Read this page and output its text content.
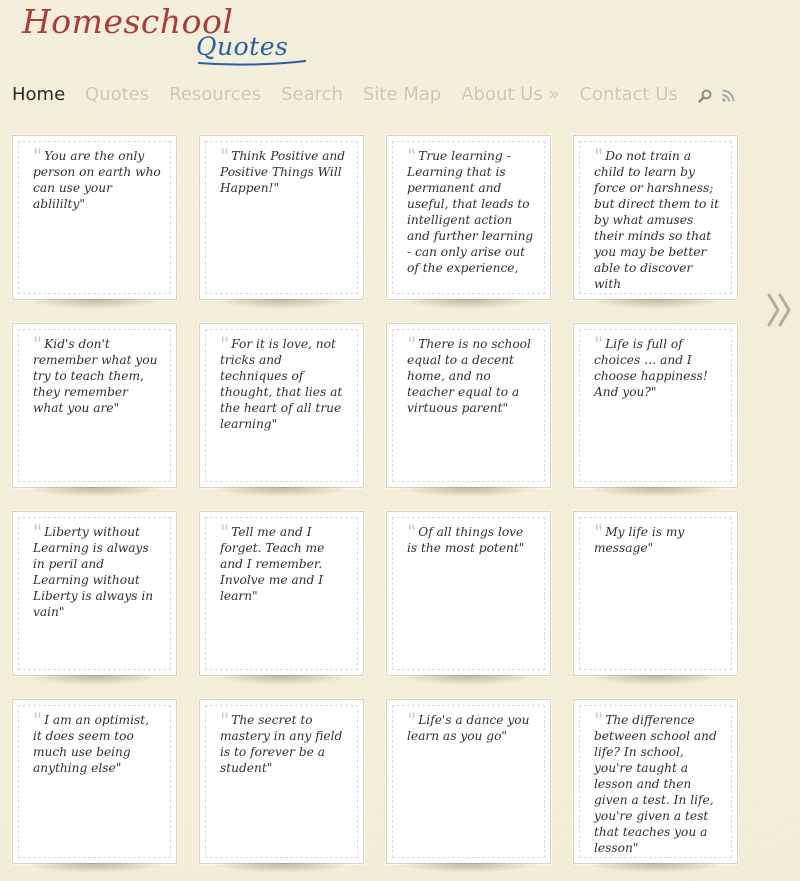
Homeschool
Quotes
Home Quotes Resources Search Site Map About Us » Contact Us
" You are the only person on earth who can use your ablililty"
" Think Positive and Positive Things Will Happen!"
" True learning - Learning that is permanent and useful, that leads to intelligent action and further learning - can only arise out of the experience,
" Do not train a child to learn by force or harshness; but direct them to it by what amuses their minds so that you may be better able to discover with
" Kid's don't remember what you try to teach them, they remember what you are"
" For it is love, not tricks and techniques of thought, that lies at the heart of all true learning"
" There is no school equal to a decent home, and no teacher equal to a virtuous parent"
" Life is full of choices … and I choose happiness! And you?"
" Liberty without Learning is always in peril and Learning without Liberty is always in vain"
" Tell me and I forget. Teach me and I remember. Involve me and I learn"
" Of all things love is the most potent"
" My life is my message"
" I am an optimist, it does seem too much use being anything else"
" The secret to mastery in any field is to forever be a student"
" Life's a dance you learn as you go"
" The difference between school and life? In school, you're taught a lesson and then given a test. In life, you're given a test that teaches you a lesson"
